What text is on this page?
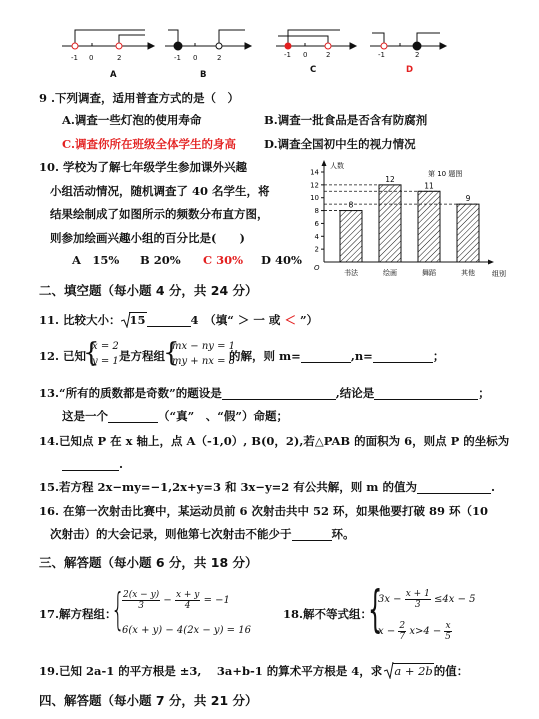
-1 0	2	-1 0	2	-1 0	2	-1	2
A	B	C	D
9 .下列调查，适用普查方式的是（　）
A.调查一些灯泡的使用寿命	B.调查一批食品是否含有防腐剂
C.调查你所在班级全体学生的身高 D.调查全国初中生的视力情况
10. 学校为了解七年级学生参加课外兴趣
小组活动情况，随机调查了 40 名学生，将
结果绘制成了如图所示的频数分布直方图，
则参加绘画兴趣小组的百分比是(　　)
A　15% B 20% C 30% D 40%
人数
组别
O
第 10 题图
2
4
6
8
10
12
14
8
书法
12
绘画
11
舞蹈
9
其他
二、填空题（每小题 4 分，共 24 分）
11. 比较大小： 15	4　（填“ ＞ 一 或 ＜ ”）
12. 已知
{
x = 2
y = 1 是方程组
{
mx − ny = 1
my + nx = 8
的解，则 m=	,n=	；
13.“所有的质数都是奇数”的题设是	,结论是	；
这是一个	（“真”　、“假”）命题；
14.已知点 P 在 x 轴上，点 A（-1,0）, B(0，2),若△PAB 的面积为 6，则点 P 的坐标为
.
15.若方程 2x−my=−1,2x+y=3 和 3x−y=2 有公共解，则 m 的值为	.
16. 在第一次射击比赛中，某运动员前 6 次射击共中 52 环，如果他要打破 89 环（10
次射击）的大会记录，则他第七次射击不能少于	环。
三、解答题（每小题 6 分，共 18 分）
17.解方程组：
{
$\frac{2(x - y)}{3} - \frac{x + y}{4} = -1$
6(x + y) − 4(2x − y) = 16
18.解不等式组：
{
$3x - \frac{x + 1}{3} \le 4x - 5$
$x - \frac{2}{7} x>4 - \frac{x}{5}$
19.已知 2a-1 的平方根是 ±3,　 3a+b-1 的算术平方根是 4，求 a + 2b的值：
四、解答题（每小题 7 分，共 21 分）
